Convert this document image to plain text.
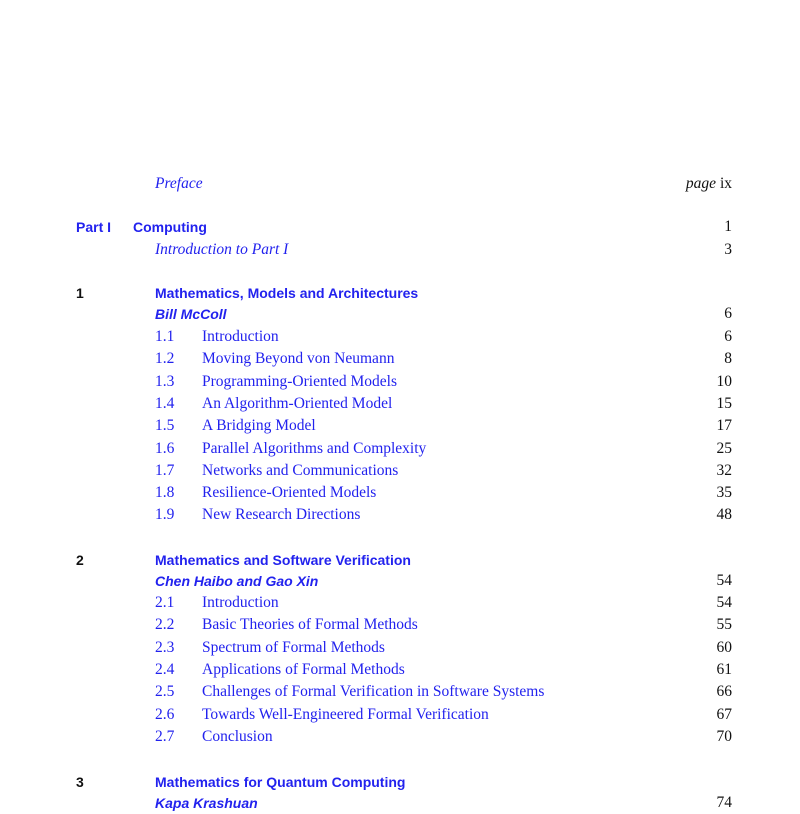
Preface	page ix
Part I Computing	1
Introduction to Part I	3
1	Mathematics, Models and Architectures
Bill McColl	6
1.1 Introduction	6
1.2 Moving Beyond von Neumann	8
1.3 Programming-Oriented Models	10
1.4 An Algorithm-Oriented Model	15
1.5 A Bridging Model	17
1.6 Parallel Algorithms and Complexity	25
1.7 Networks and Communications	32
1.8 Resilience-Oriented Models	35
1.9 New Research Directions	48
2	Mathematics and Software Verification
Chen Haibo and Gao Xin	54
2.1 Introduction	54
2.2 Basic Theories of Formal Methods	55
2.3 Spectrum of Formal Methods	60
2.4 Applications of Formal Methods	61
2.5 Challenges of Formal Verification in Software Systems	66
2.6 Towards Well-Engineered Formal Verification	67
2.7 Conclusion	70
3	Mathematics for Quantum Computing
Kapa Krashuan	74
